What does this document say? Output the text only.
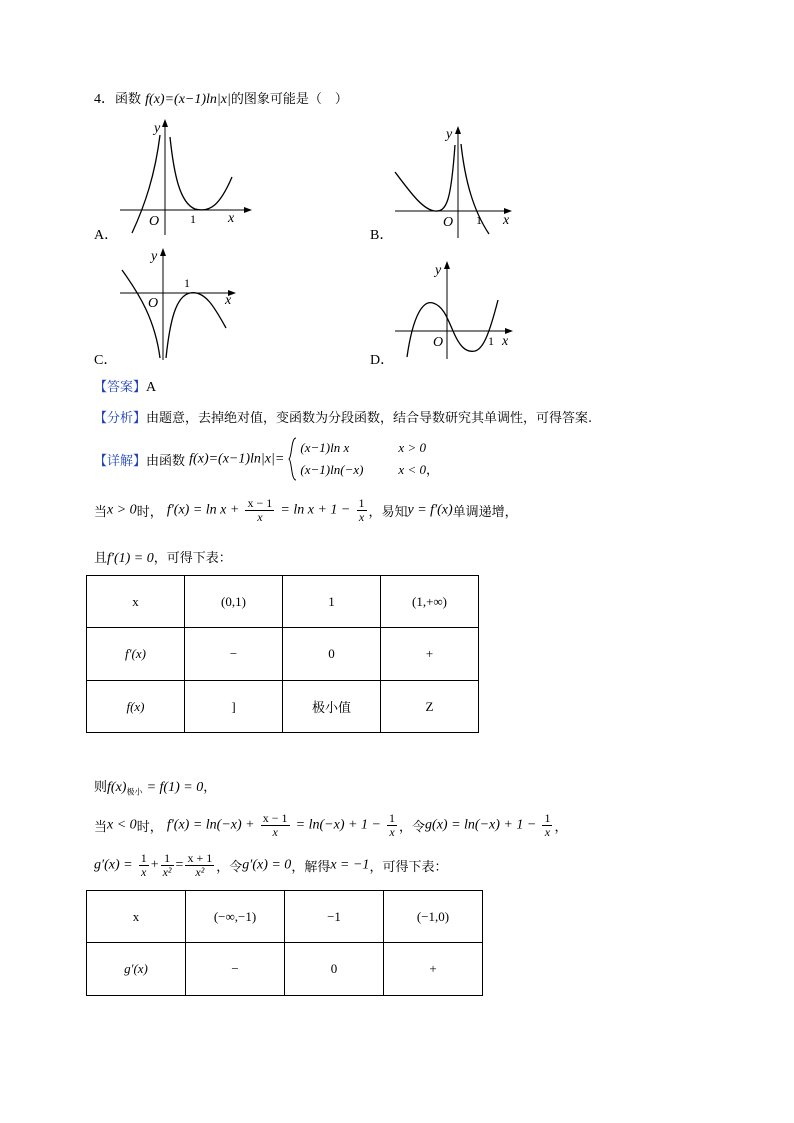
4．函数 f(x)=(x−1)ln|x|的图象可能是（　）
y
x
O	1
A．
y
x
O 1
B．
y
x
O
1
C．
y
x
O	1
D．
【答案】A
【分析】由题意，去掉绝对值，变函数为分段函数，结合导数研究其单调性，可得答案.
【详解】由函数 f(x)=(x−1)ln|x|=
(x−1)ln x	x > 0
(x−1)ln(−x)	x < 0，
当x > 0时， $f'(x) = \ln x + \frac{x - 1}{x} = \ln x + 1 - \frac{1}{x}$ ，易知y = f′(x)单调递增，
且f′(1) = 0，可得下表：
x	(0,1)	1	(1,+∞)
f′(x)	−	0	+
f(x)	]	极小值	Z
则$f(x)_{极小} = f(1) = 0$，
当x < 0时， $f'(x) = \ln(-x) + \frac{x - 1}{x} = \ln(-x) + 1 - \frac{1}{x}$ ，令$g(x) = \ln(-x) + 1 - \frac{1}{x}$ ，
$g'(x) = \frac{1}{x} + \frac{1}{\text{x²}} = \frac{x + 1}{\text{x²}}$ ，令g′(x) = 0，解得x = −1，可得下表：
x	(−∞,−1)	−1	(−1,0)
g′(x)	−	0	+
